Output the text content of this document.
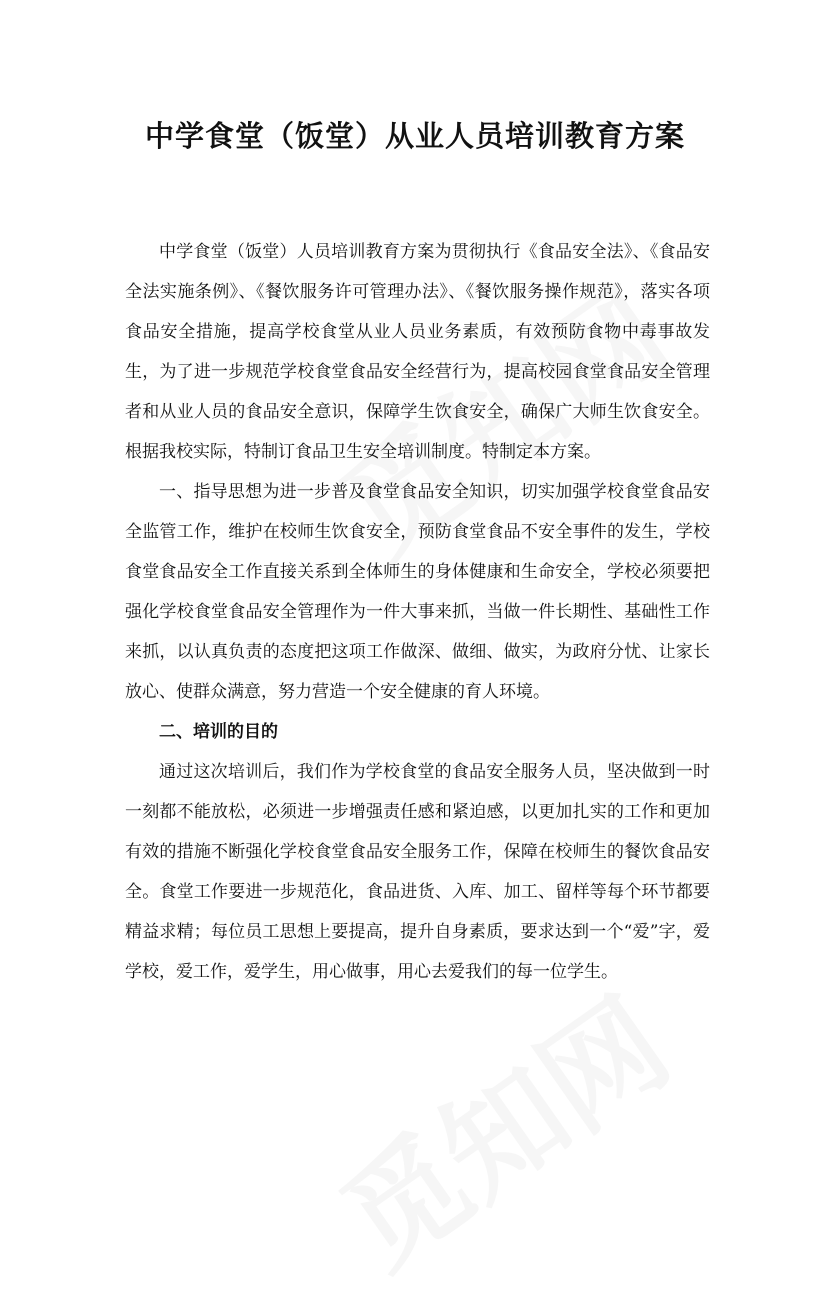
中学食堂（饭堂）从业人员培训教育方案

中学食堂（饭堂）人员培训教育方案为贯彻执行《食品安全法》、《食品安全法实施条例》、《餐饮服务许可管理办法》、《餐饮服务操作规范》，落实各项食品安全措施，提高学校食堂从业人员业务素质，有效预防食物中毒事故发生，为了进一步规范学校食堂食品安全经营行为，提高校园食堂食品安全管理者和从业人员的食品安全意识，保障学生饮食安全，确保广大师生饮食安全。根据我校实际，特制订食品卫生安全培训制度。特制定本方案。

一、指导思想为进一步普及食堂食品安全知识，切实加强学校食堂食品安全监管工作，维护在校师生饮食安全，预防食堂食品不安全事件的发生，学校食堂食品安全工作直接关系到全体师生的身体健康和生命安全，学校必须要把强化学校食堂食品安全管理作为一件大事来抓，当做一件长期性、基础性工作来抓，以认真负责的态度把这项工作做深、做细、做实，为政府分忧、让家长放心、使群众满意，努力营造一个安全健康的育人环境。

二、培训的目的

通过这次培训后，我们作为学校食堂的食品安全服务人员，坚决做到一时一刻都不能放松，必须进一步增强责任感和紧迫感，以更加扎实的工作和更加有效的措施不断强化学校食堂食品安全服务工作，保障在校师生的餐饮食品安全。食堂工作要进一步规范化，食品进货、入库、加工、留样等每个环节都要精益求精；每位员工思想上要提高，提升自身素质，要求达到一个“爱”字，爱学校，爱工作，爱学生，用心做事，用心去爱我们的每一位学生。
